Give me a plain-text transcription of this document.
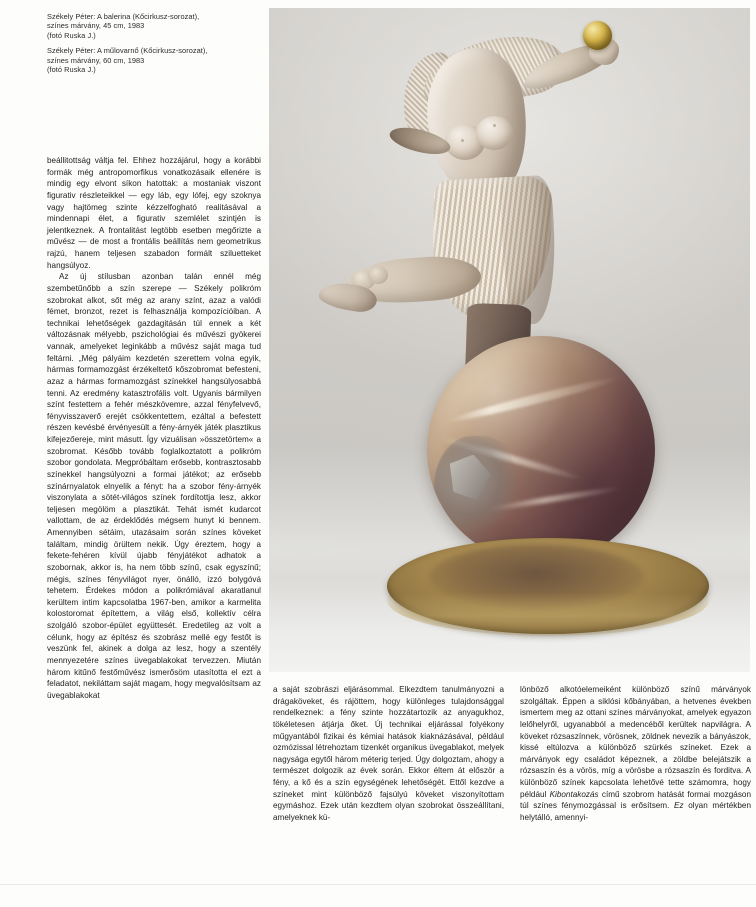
Székely Péter: A balerina (Kőcirkusz-sorozat),
színes márvány, 45 cm, 1983
(fotó Ruska J.)
Székely Péter: A műlovarnő (Kőcirkusz-sorozat),
színes márvány, 60 cm, 1983
(fotó Ruska J.)

beállitottság váltja fel. Ehhez hozzájárul, hogy a korábbi formák még antropomorfikus vonatkozásaik ellenére is mindig egy elvont síkon hatottak: a mostaniak viszont figurativ részleteikkel — egy láb, egy lófej, egy szoknya vagy hajtömeg szinte kézzelfogható realitásával a mindennapi élet, a figurativ szemlélet szintjén is jelentkeznek. A frontalitást legtöbb esetben megőrizte a művész — de most a frontális beállítás nem geometrikus rajzú, hanem teljesen szabadon formált sziluetteket hangsúlyoz.

Az új stílusban azonban talán ennél még szembetűnőbb a szín szerepe — Székely polikróm szobrokat alkot, sőt még az arany színt, azaz a valódi fémet, bronzot, rezet is felhasználja kompozícióiban. A technikai lehetőségek gazdagitásán túl ennek a két változásnak mélyebb, pszichológiai és művészi gyökerei vannak, amelyeket leginkább a művész saját maga tud feltárni. „Még pályáim kezdetén szerettem volna egyik, hármas formamozgást érzékeltető kőszobromat befesteni, azaz a hármas formamozgást színekkel hangsúlyosabbá tenni. Az eredmény katasztrofális volt. Ugyanis bármilyen színt festettem a fehér mészkövemre, azzal fényfelvevő, fényvisszaverő erejét csökkentettem, ezáltal a befestett részen kevésbé érvényesült a fény-árnyék játék plasztikus kifejezőereje, mint másutt. Így vizuálisan »összetörtem« a szobromat. Később tovább foglalkoztatott a polikróm szobor gondolata. Megpróbáltam erősebb, kontrasztosabb színekkel hangsúlyozni a formai játékot; az erősebb színárnyalatok elnyelik a fényt: ha a szobor fény-árnyék viszonylata a sötét-világos színek fordítottja lesz, akkor teljesen megölöm a plasztikát. Tehát ismét kudarcot vallottam, de az érdeklődés mégsem hunyt ki bennem. Amennyiben sétáim, utazásaim során színes köveket találtam, mindig örültem nekik. Úgy éreztem, hogy a fekete-fehéren kívül újabb fényjátékot adhatok a szobornak, akkor is, ha nem több színű, csak egyszínű; mégis, színes fényvilágot nyer, önálló, izzó bolygóvá tehetem. Érdekes módon a polikrómiával akaratlanul kerültem intim kapcsolatba 1967-ben, amikor a karmelita kolostoromat építettem, a világ első, kollektív célra szolgáló szobor-épület együttesét. Eredetileg az volt a célunk, hogy az építész és szobrász mellé egy festőt is veszünk fel, akinek a dolga az lesz, hogy a szentély mennyezetére színes üvegablakokat tervezzen. Miután három kitűnő festőművész ismerősöm utasította el ezt a feladatot, nekiláttam saját magam, hogy megvalósítsam az üvegablakokat

a saját szobrászi eljárásommal. Elkezdtem tanulmányozni a drágaköveket, és rájöttem, hogy különleges tulajdonsággal rendelkeznek: a fény szinte hozzátartozik az anyagukhoz, tökéletesen átjárja őket. Új technikai eljárással folyékony műgyantából fizikai és kémiai hatások kiaknázásával, például ozmózissal létrehoztam tizenkét organikus üvegablakot, melyek nagysága egytől három méterig terjed. Úgy dolgoztam, ahogy a természet dolgozik az évek során. Ekkor éltem át először a fény, a kő és a szín egységének lehetőségét. Ettől kezdve a színeket mint különböző fajsúlyú köveket viszonyítottam egymáshoz. Ezek után kezdtem olyan szobrokat összeállítani, amelyeknek kü-

lönböző alkotóelemeiként különböző színű márványok szolgáltak. Éppen a siklósi kőbányában, a hetvenes években ismertem meg az ottani színes márványokat, amelyek egyazon lelőhelyről, ugyanabból a medencéből kerültek napvilágra. A köveket rózsaszínnek, vörösnek, zöldnek nevezik a bányászok, kissé eltúlozva a különböző szürkés színeket. Ezek a márványok egy családot képeznek, a zöldbe belejátszik a rózsaszín és a vörös, míg a vörösbe a rózsaszín és forditva. A különböző színek kapcsolata lehetővé tette számomra, hogy például Kibontakozás című szobrom hatását formai mozgáson túl színes fénymozgással is erősítsem. Ez olyan mértékben helytálló, amennyi-
